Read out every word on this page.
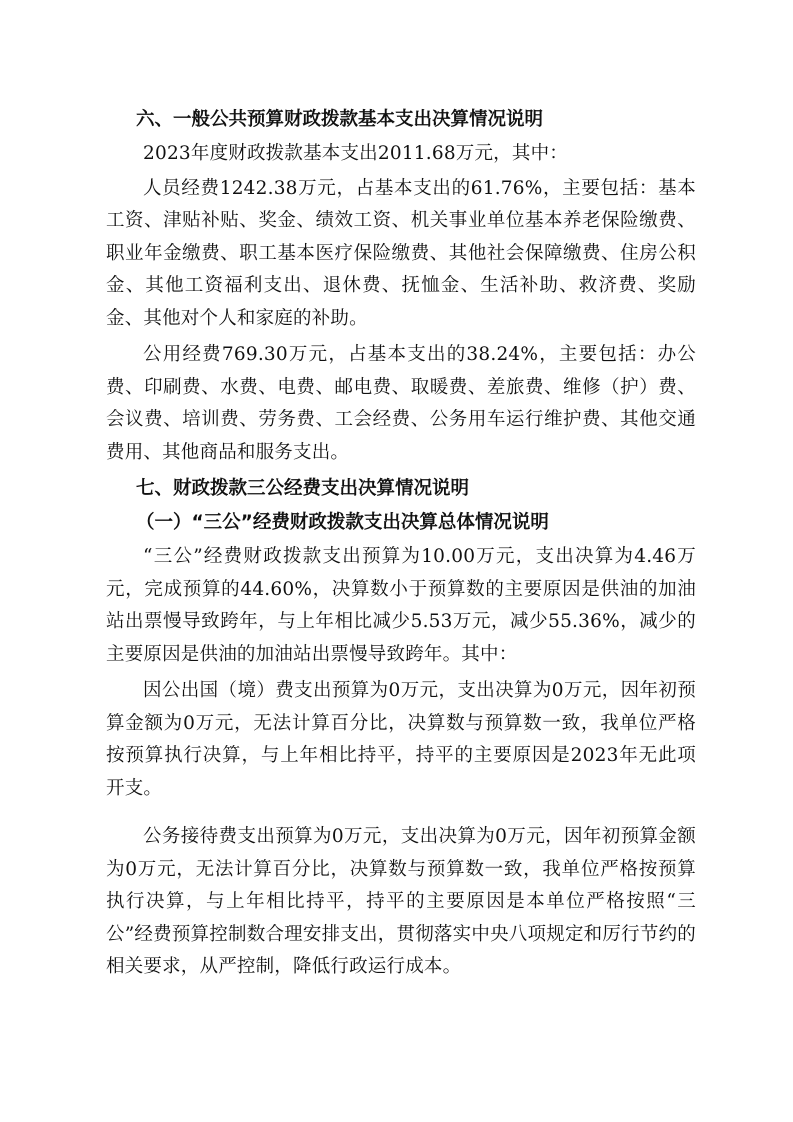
六、一般公共预算财政拨款基本支出决算情况说明

2023年度财政拨款基本支出2011.68万元，其中：

人员经费1242.38万元，占基本支出的61.76%，主要包括：基本工资、津贴补贴、奖金、绩效工资、机关事业单位基本养老保险缴费、职业年金缴费、职工基本医疗保险缴费、其他社会保障缴费、住房公积金、其他工资福利支出、退休费、抚恤金、生活补助、救济费、奖励金、其他对个人和家庭的补助。

公用经费769.30万元，占基本支出的38.24%，主要包括：办公费、印刷费、水费、电费、邮电费、取暖费、差旅费、维修（护）费、会议费、培训费、劳务费、工会经费、公务用车运行维护费、其他交通费用、其他商品和服务支出。

七、财政拨款三公经费支出决算情况说明
（一）“三公”经费财政拨款支出决算总体情况说明

“三公”经费财政拨款支出预算为10.00万元，支出决算为4.46万元，完成预算的44.60%，决算数小于预算数的主要原因是供油的加油站出票慢导致跨年，与上年相比减少5.53万元，减少55.36%，减少的主要原因是供油的加油站出票慢导致跨年。其中：

因公出国（境）费支出预算为0万元，支出决算为0万元，因年初预算金额为0万元，无法计算百分比，决算数与预算数一致，我单位严格按预算执行决算，与上年相比持平，持平的主要原因是2023年无此项开支。

公务接待费支出预算为0万元，支出决算为0万元，因年初预算金额为0万元，无法计算百分比，决算数与预算数一致，我单位严格按预算执行决算，与上年相比持平，持平的主要原因是本单位严格按照“三公”经费预算控制数合理安排支出，贯彻落实中央八项规定和厉行节约的相关要求，从严控制，降低行政运行成本。
